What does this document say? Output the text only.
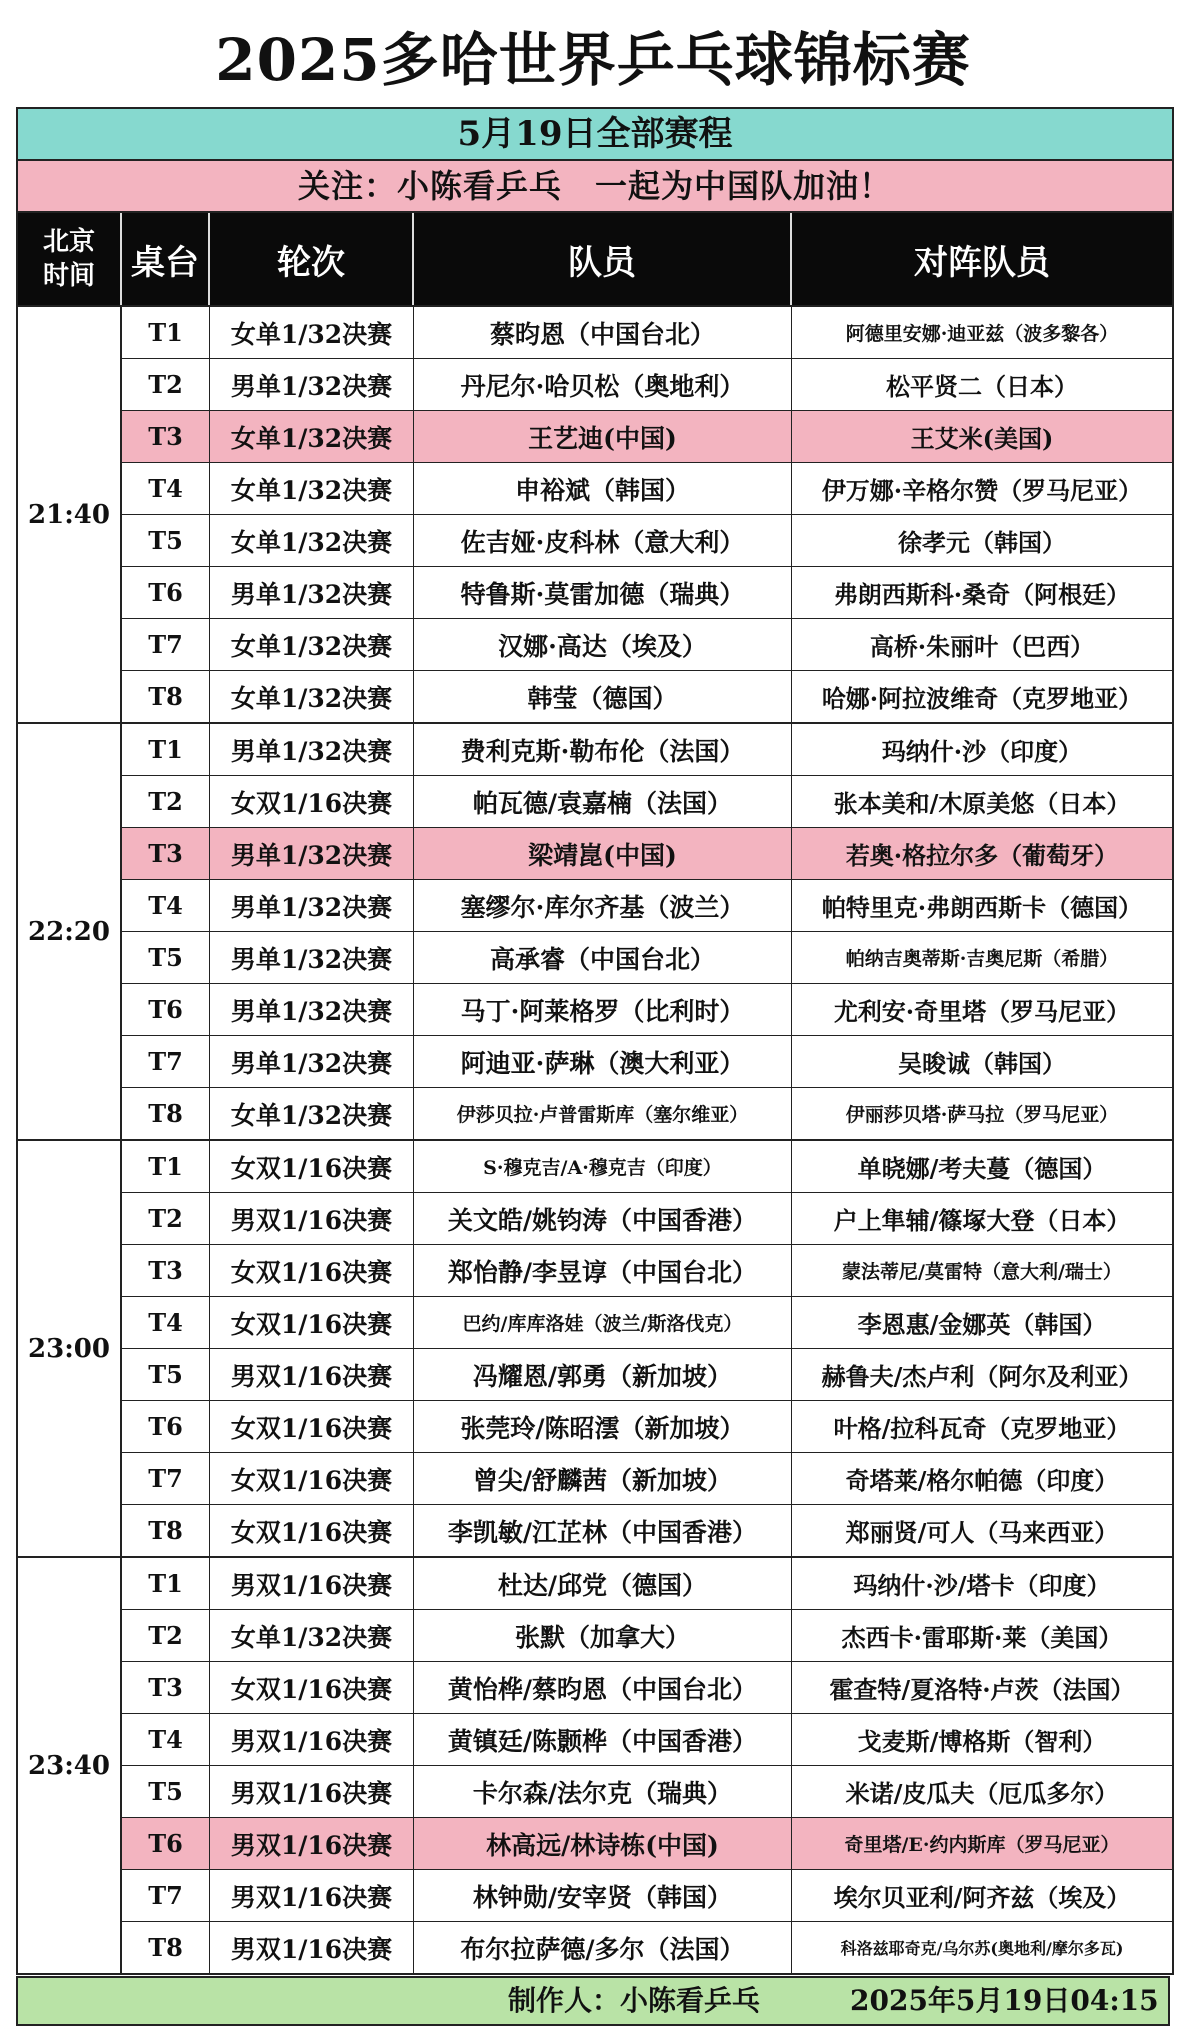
2025多哈世界乒乓球锦标赛
5月19日全部赛程
关注：小陈看乒乓　一起为中国队加油！
北京
时间	桌台	轮次	队员	对阵队员
21:40
T1	女单1/32决赛	蔡昀恩（中国台北）	阿德里安娜·迪亚兹（波多黎各）
T2	男单1/32决赛	丹尼尔·哈贝松（奥地利）	松平贤二（日本）
T3	女单1/32决赛	王艺迪(中国)	王艾米(美国)
T4	女单1/32决赛	申裕斌（韩国）	伊万娜·辛格尔赞（罗马尼亚）
T5	女单1/32决赛	佐吉娅·皮科林（意大利）	徐孝元（韩国）
T6	男单1/32决赛	特鲁斯·莫雷加德（瑞典）	弗朗西斯科·桑奇（阿根廷）
T7	女单1/32决赛	汉娜·高达（埃及）	高桥·朱丽叶（巴西）
T8	女单1/32决赛	韩莹（德国）	哈娜·阿拉波维奇（克罗地亚）
22:20
T1	男单1/32决赛	费利克斯·勒布伦（法国）	玛纳什·沙（印度）
T2	女双1/16决赛	帕瓦德/袁嘉楠（法国）	张本美和/木原美悠（日本）
T3	男单1/32决赛	梁靖崑(中国)	若奥·格拉尔多（葡萄牙）
T4	男单1/32决赛	塞缪尔·库尔齐基（波兰）	帕特里克·弗朗西斯卡（德国）
T5	男单1/32决赛	高承睿（中国台北）	帕纳吉奥蒂斯·吉奥尼斯（希腊）
T6	男单1/32决赛	马丁·阿莱格罗（比利时）	尤利安·奇里塔（罗马尼亚）
T7	男单1/32决赛	阿迪亚·萨琳（澳大利亚）	吴晙诚（韩国）
T8	女单1/32决赛	伊莎贝拉·卢普雷斯库（塞尔维亚）	伊丽莎贝塔·萨马拉（罗马尼亚）
23:00
T1	女双1/16决赛	S·穆克吉/A·穆克吉（印度）	单晓娜/考夫蔓（德国）
T2	男双1/16决赛	关文皓/姚钧涛（中国香港）	户上隼辅/篠塚大登（日本）
T3	女双1/16决赛	郑怡静/李昱谆（中国台北）	蒙法蒂尼/莫雷特（意大利/瑞士）
T4	女双1/16决赛	巴约/库库洛娃（波兰/斯洛伐克）	李恩惠/金娜英（韩国）
T5	男双1/16决赛	冯耀恩/郭勇（新加坡）	赫鲁夫/杰卢利（阿尔及利亚）
T6	女双1/16决赛	张莞玲/陈昭澐（新加坡）	叶格/拉科瓦奇（克罗地亚）
T7	女双1/16决赛	曾尖/舒麟茜（新加坡）	奇塔莱/格尔帕德（印度）
T8	女双1/16决赛	李凯敏/江芷林（中国香港）	郑丽贤/可人（马来西亚）
23:40
T1	男双1/16决赛	杜达/邱党（德国）	玛纳什·沙/塔卡（印度）
T2	女单1/32决赛	张默（加拿大）	杰西卡·雷耶斯·莱（美国）
T3	女双1/16决赛	黄怡桦/蔡昀恩（中国台北）	霍查特/夏洛特·卢茨（法国）
T4	男双1/16决赛	黄镇廷/陈颢桦（中国香港）	戈麦斯/博格斯（智利）
T5	男双1/16决赛	卡尔森/法尔克（瑞典）	米诺/皮瓜夫（厄瓜多尔）
T6	男双1/16决赛	林高远/林诗栋(中国)	奇里塔/E·约内斯库（罗马尼亚）
T7	男双1/16决赛	林钟勋/安宰贤（韩国）	埃尔贝亚利/阿齐兹（埃及）
T8	男双1/16决赛	布尔拉萨德/多尔（法国）	科洛兹耶奇克/乌尔苏(奥地利/摩尔多瓦)
制作人：小陈看乒乓	2025年5月19日04:15
